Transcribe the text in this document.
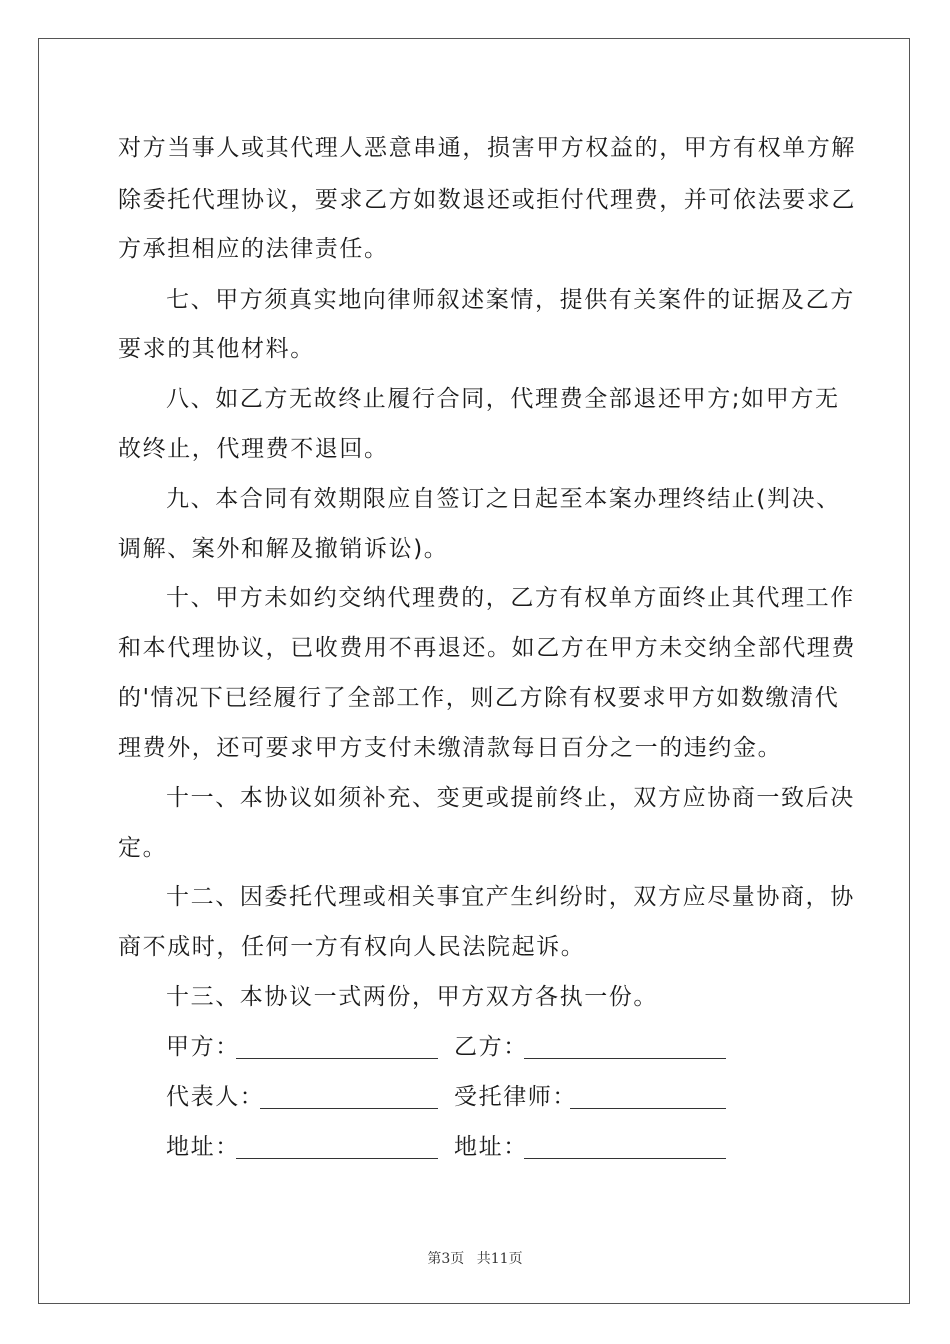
对方当事人或其代理人恶意串通，损害甲方权益的，甲方有权单方解
除委托代理协议，要求乙方如数退还或拒付代理费，并可依法要求乙
方承担相应的法律责任。
七、甲方须真实地向律师叙述案情，提供有关案件的证据及乙方
要求的其他材料。
八、如乙方无故终止履行合同，代理费全部退还甲方;如甲方无
故终止，代理费不退回。
九、本合同有效期限应自签订之日起至本案办理终结止(判决、
调解、案外和解及撤销诉讼)。
十、甲方未如约交纳代理费的，乙方有权单方面终止其代理工作
和本代理协议，已收费用不再退还。如乙方在甲方未交纳全部代理费
的'情况下已经履行了全部工作，则乙方除有权要求甲方如数缴清代
理费外，还可要求甲方支付未缴清款每日百分之一的违约金。
十一、本协议如须补充、变更或提前终止，双方应协商一致后决
定。
十二、因委托代理或相关事宜产生纠纷时，双方应尽量协商，协
商不成时，任何一方有权向人民法院起诉。
十三、本协议一式两份，甲方双方各执一份。
甲方：	乙方：
代表人：	受托律师：
地址：	地址：
第3页 共11页
